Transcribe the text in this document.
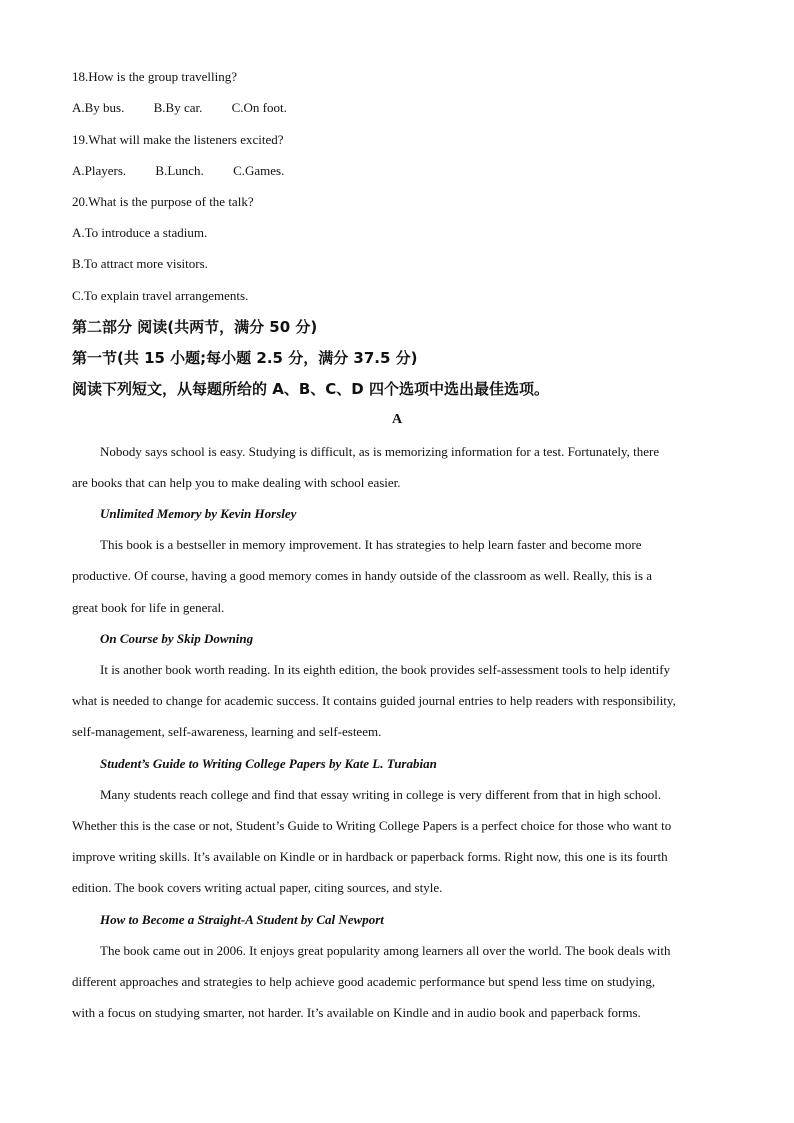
18.How is the group travelling?
A.By bus. B.By car. C.On foot.
19.What will make the listeners excited?
A.Players. B.Lunch. C.Games.
20.What is the purpose of the talk?
A.To introduce a stadium.
B.To attract more visitors.
C.To explain travel arrangements.
第二部分 阅读(共两节，满分 50 分)
第一节(共 15 小题;每小题 2.5 分，满分 37.5 分)
阅读下列短文，从每题所给的 A、B、C、D 四个选项中选出最佳选项。
A
Nobody says school is easy. Studying is difficult, as is memorizing information for a test. Fortunately, there
are books that can help you to make dealing with school easier.
Unlimited Memory by Kevin Horsley
This book is a bestseller in memory improvement. It has strategies to help learn faster and become more
productive. Of course, having a good memory comes in handy outside of the classroom as well. Really, this is a
great book for life in general.
On Course by Skip Downing
It is another book worth reading. In its eighth edition, the book provides self-assessment tools to help identify
what is needed to change for academic success. It contains guided journal entries to help readers with responsibility,
self-management, self-awareness, learning and self-esteem.
Student’s Guide to Writing College Papers by Kate L. Turabian
Many students reach college and find that essay writing in college is very different from that in high school.
Whether this is the case or not, Student’s Guide to Writing College Papers is a perfect choice for those who want to
improve writing skills. It’s available on Kindle or in hardback or paperback forms. Right now, this one is its fourth
edition. The book covers writing actual paper, citing sources, and style.
How to Become a Straight-A Student by Cal Newport
The book came out in 2006. It enjoys great popularity among learners all over the world. The book deals with
different approaches and strategies to help achieve good academic performance but spend less time on studying,
with a focus on studying smarter, not harder. It’s available on Kindle and in audio book and paperback forms.
